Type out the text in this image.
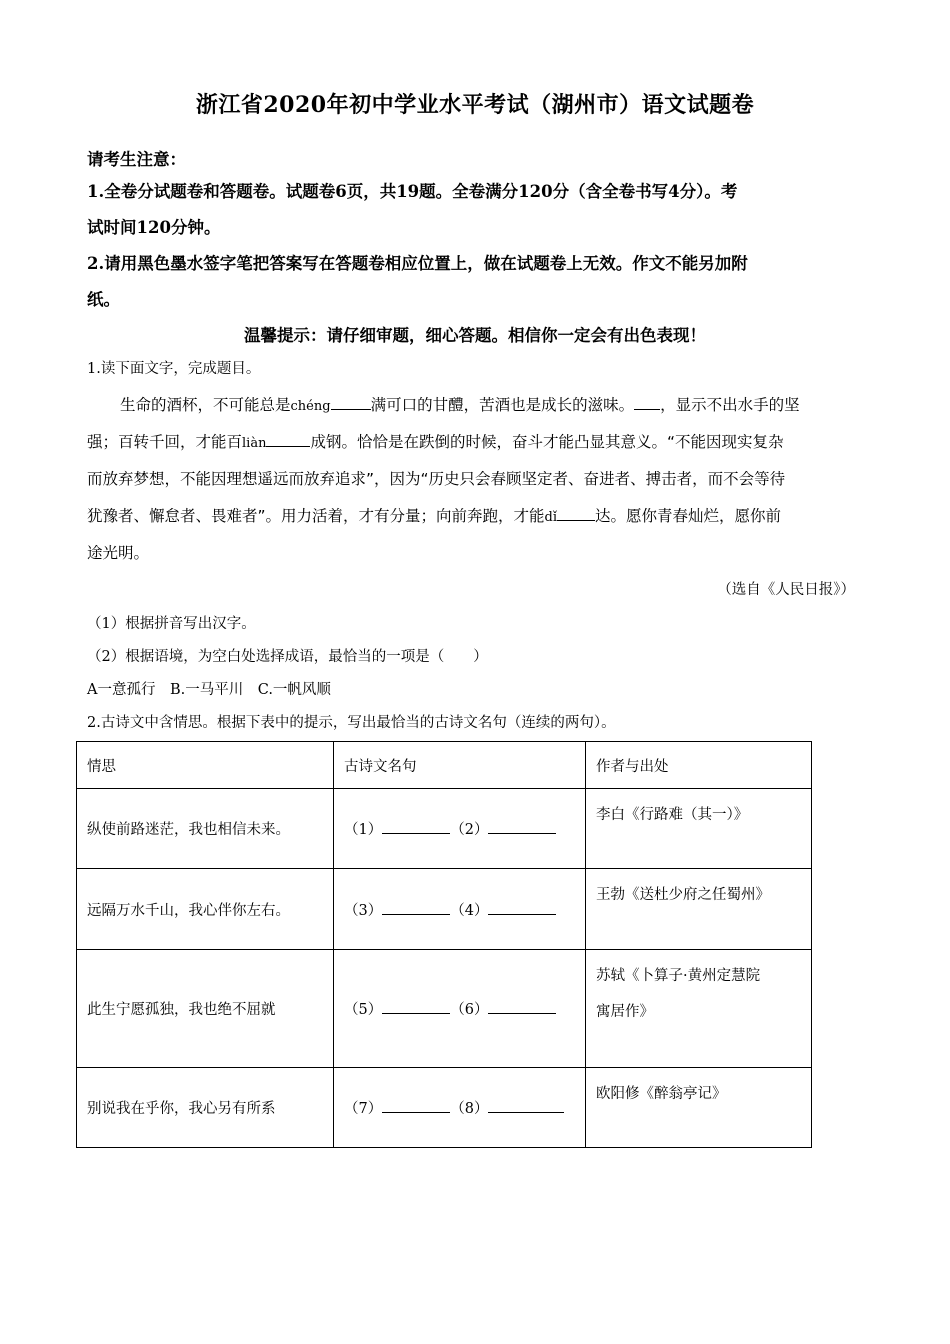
浙江省2020年初中学业水平考试（湖州市）语文试题卷
请考生注意：
1.全卷分试题卷和答题卷。试题卷6页，共19题。全卷满分120分（含全卷书写4分）。考
试时间120分钟。
2.请用黑色墨水签字笔把答案写在答题卷相应位置上，做在试题卷上无效。作文不能另加附
纸。
温馨提示：请仔细审题，细心答题。相信你一定会有出色表现！
1.读下面文字，完成题目。
生命的酒杯，不可能总是chéng	满可口的甘醴，苦酒也是成长的滋味。 ，显示不出水手的坚
强；百转千回，才能百liàn	成钢。恰恰是在跌倒的时候，奋斗才能凸显其意义。“不能因现实复杂
而放弃梦想，不能因理想遥远而放弃追求”，因为“历史只会春顾坚定者、奋进者、搏击者，而不会等待
犹豫者、懈怠者、畏难者”。用力活着，才有分量；向前奔跑，才能dǐ 达。愿你青春灿烂，愿你前
途光明。
（选自《人民日报》）
（1）根据拼音写出汉字。
（2）根据语境，为空白处选择成语，最恰当的一项是（　　）
A一意孤行　B.一马平川　C.一帆风顺
2.古诗文中含情思。根据下表中的提示，写出最恰当的古诗文名句（连续的两句）。
情思	古诗文名句	作者与出处
纵使前路迷茫，我也相信未来。	（1） （2）	李白《行路难（其一）》
远隔万水千山，我心伴你左右。	（3） （4）	王勃《送杜少府之任蜀州》
此生宁愿孤独，我也绝不屈就	（5） （6）	苏轼《卜算子·黄州定慧院
寓居作》
别说我在乎你，我心另有所系	（7） （8）	欧阳修《醉翁亭记》
